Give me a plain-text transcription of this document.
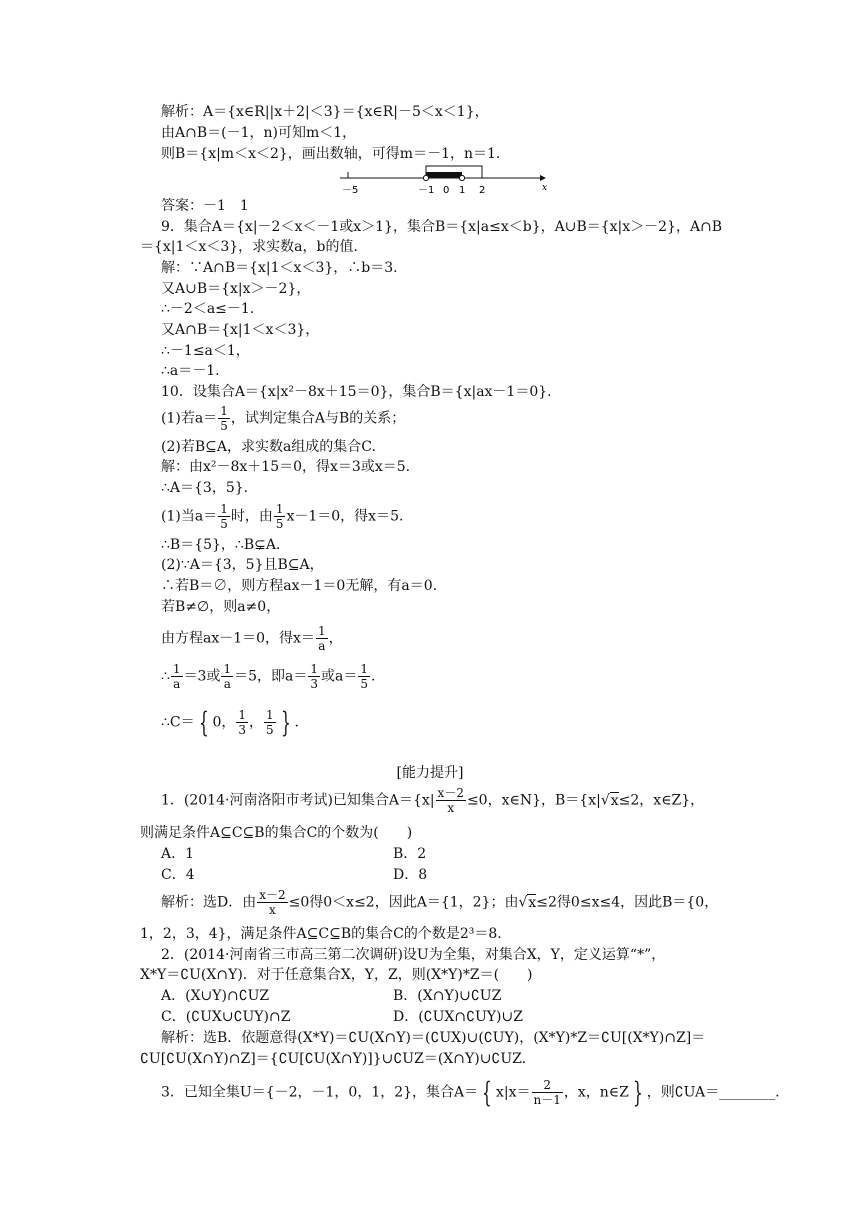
解析：A＝{x∈R||x＋2|＜3}＝{x∈R|－5＜x＜1}，
由A∩B＝(－1，n)可知m＜1，
则B＝{x|m＜x＜2}，画出数轴，可得m＝－1，n＝1.
－5	－1 0 1 2	x
答案：－1　1
9．集合A＝{x|－2＜x＜－1或x＞1}，集合B＝{x|a≤x＜b}，A∪B＝{x|x＞－2}，A∩B
＝{x|1＜x＜3}，求实数a，b的值.
解：∵A∩B＝{x|1＜x＜3}，∴b＝3.
又A∪B＝{x|x＞－2}，
∴－2＜a≤－1.
又A∩B＝{x|1＜x＜3}，
∴－1≤a＜1，
∴a＝－1.
10．设集合A＝{x|x²－8x＋15＝0}，集合B＝{x|ax－1＝0}.
(1)若$a= \frac{1}{5}$ ，试判定集合A与B的关系；
(2)若B⊆A，求实数a组成的集合C.
解：由x²－8x＋15＝0，得x＝3或x＝5.
∴A＝{3，5}.
(1)当$a= \frac{1}{5}$ 时，由 $\frac{1}{5} x-1=0$，得x＝5.
∴B＝{5}，∴B⊊A.
(2)∵A＝{3，5}且B⊆A，
∴若B＝∅，则方程ax－1＝0无解，有a＝0.
若B≠∅，则a≠0，
由方程ax－1＝0，得$x= \frac{1}{a}$ ，
∴ $\frac{1}{a} =3$或 $\frac{1}{a} =5$，即$a= \frac{1}{3}$ 或$a= \frac{1}{5}$ .
∴C＝ { 0， $\frac{1}{3}$ ， $\frac{1}{5}$ } .
[能力提升]
1．(2014·河南洛阳市考试)已知集合$A=\{x| \frac{x-2}{x} \le 0$，x∈N}，B＝{x|√x≤2，x∈Z}，
则满足条件A⊆C⊆B的集合C的个数为(　　)
A．1	B．2
C．4	D．8
解析：选D．由 $\frac{x-2}{x} \le 0$得0＜x≤2，因此A＝{1，2}；由√x≤2得0≤x≤4，因此B＝{0，
1，2，3，4}，满足条件A⊆C⊆B的集合C的个数是2³＝8.
2．(2014·河南省三市高三第二次调研)设U为全集，对集合X，Y，定义运算“*”，
X*Y＝∁U(X∩Y)．对于任意集合X，Y，Z，则(X*Y)*Z＝(　　)
A．(X∪Y)∩∁UZ	B．(X∩Y)∪∁UZ
C．(∁UX∪∁UY)∩Z	D．(∁UX∩∁UY)∪Z
解析：选B．依题意得(X*Y)＝∁U(X∩Y)＝(∁UX)∪(∁UY)，(X*Y)*Z＝∁U[(X*Y)∩Z]＝
∁U[∁U(X∩Y)∩Z]＝{∁U[∁U(X∩Y)]}∪∁UZ＝(X∩Y)∪∁UZ.
3．已知全集U＝{－2，－1，0，1，2}，集合A＝ { $x|x= \frac{2}{n-1}$ ，x，n∈Z } ，则∁UA＝________.
